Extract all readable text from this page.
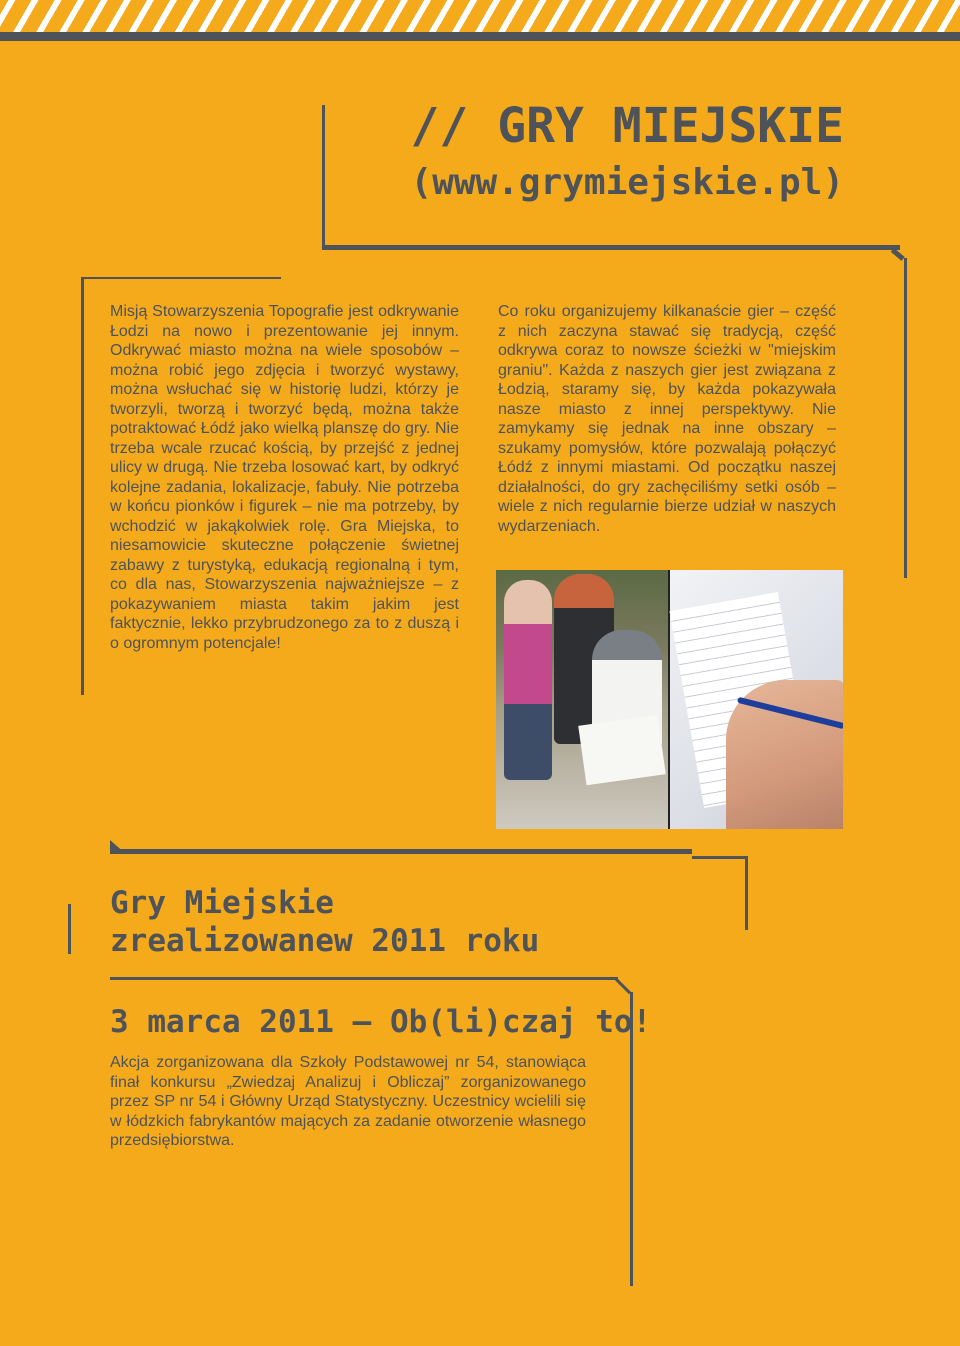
// GRY MIEJSKIE
(www.grymiejskie.pl)
Misją Stowarzyszenia Topografie jest odkrywanie Łodzi na nowo i prezentowanie jej innym. Odkrywać miasto można na wiele sposobów – można robić jego zdjęcia i tworzyć wystawy, można wsłuchać się w historię ludzi, którzy je tworzyli, tworzą i tworzyć będą, można także potraktować Łódź jako wielką planszę do gry. Nie trzeba wcale rzucać kością, by przejść z jednej ulicy w drugą. Nie trzeba losować kart, by odkryć kolejne zadania, lokalizacje, fabuły. Nie potrzeba w końcu pionków i figurek – nie ma potrzeby, by wchodzić w jakąkolwiek rolę. Gra Miejska, to niesamowicie skuteczne połączenie świetnej zabawy z turystyką, edukacją regionalną i tym, co dla nas, Stowarzyszenia najważniejsze – z pokazywaniem miasta takim jakim jest faktycznie, lekko przybrudzonego za to z duszą i o ogromnym potencjale!
Co roku organizujemy kilkanaście gier – część z nich zaczyna stawać się tradycją, część odkrywa coraz to nowsze ścieżki w "miejskim graniu". Każda z naszych gier jest związana z Łodzią, staramy się, by każda pokazywała nasze miasto z innej perspektywy. Nie zamykamy się jednak na inne obszary – szukamy pomysłów, które pozwalają połączyć Łódź z innymi miastami. Od początku naszej działalności, do gry zachęciliśmy setki osób – wiele z nich regularnie bierze udział w naszych wydarzeniach.
Gry Miejskie
zrealizowanew 2011 roku
3 marca 2011 – Ob(li)czaj to!
Akcja zorganizowana dla Szkoły Podstawowej nr 54, stanowiąca finał konkursu „Zwiedzaj Analizuj i Obliczaj” zorganizowanego przez SP nr 54 i Główny Urząd Statystyczny. Uczestnicy wcielili się w łódzkich fabrykantów mających za zadanie otworzenie własnego przedsiębiorstwa.
